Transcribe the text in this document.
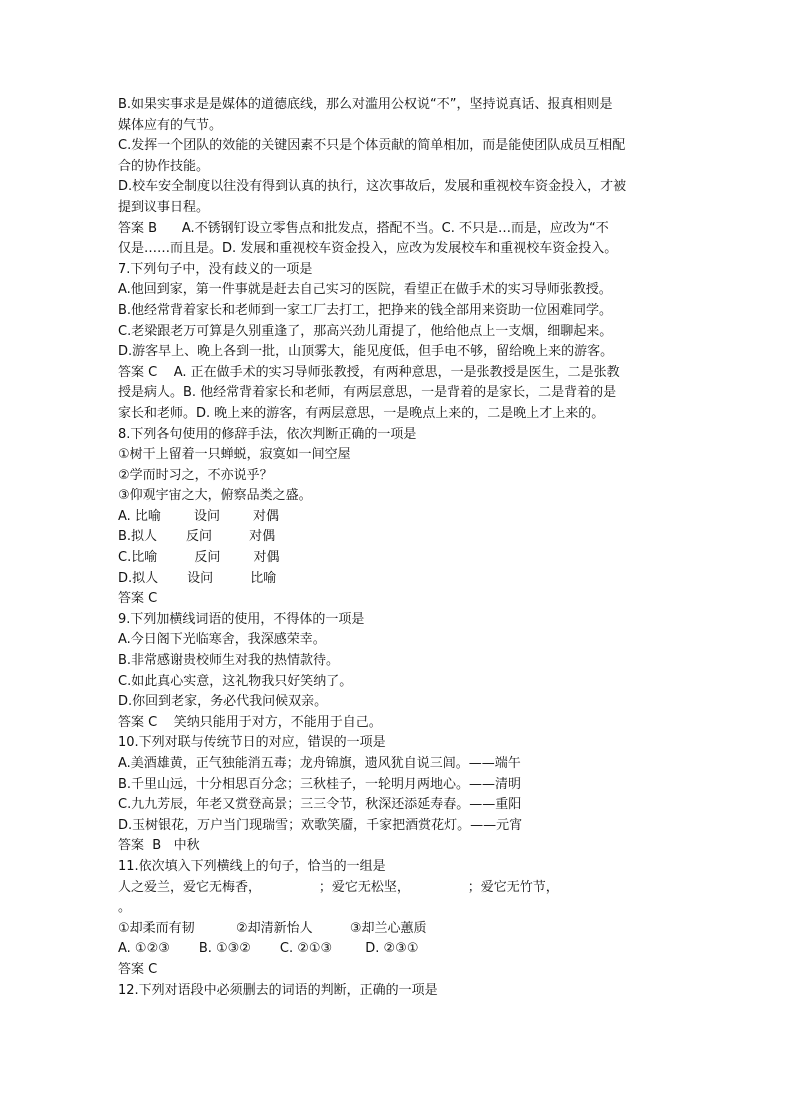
B.如果实事求是是媒体的道德底线，那么对滥用公权说“不”，坚持说真话、报真相则是
媒体应有的气节。
C.发挥一个团队的效能的关键因素不只是个体贡献的简单相加，而是能使团队成员互相配
合的协作技能。
D.校车安全制度以往没有得到认真的执行，这次事故后，发展和重视校车资金投入，才被
提到议事日程。
答案 B      A.不锈钢钉设立零售点和批发点，搭配不当。C. 不只是…而是，应改为“不
仅是……而且是。D. 发展和重视校车资金投入，应改为发展校车和重视校车资金投入。
7.下列句子中，没有歧义的一项是
A.他回到家，第一件事就是赶去自己实习的医院，看望正在做手术的实习导师张教授。
B.他经常背着家长和老师到一家工厂去打工，把挣来的钱全部用来资助一位困难同学。
C.老梁跟老万可算是久别重逢了，那高兴劲儿甭提了，他给他点上一支烟，细聊起来。
D.游客早上、晚上各到一批，山顶雾大，能见度低，但手电不够，留给晚上来的游客。
答案 C    A. 正在做手术的实习导师张教授，有两种意思，一是张教授是医生，二是张教
授是病人。B. 他经常背着家长和老师，有两层意思，一是背着的是家长，二是背着的是
家长和老师。D. 晚上来的游客，有两层意思，一是晚点上来的，二是晚上才上来的。
8.下列各句使用的修辞手法，依次判断正确的一项是
①树干上留着一只蝉蜕，寂寞如一间空屋
②学而时习之，不亦说乎？
③仰观宇宙之大，俯察品类之盛。
A. 比喻        设问        对偶
B.拟人       反问         对偶
C.比喻         反问        对偶
D.拟人       设问         比喻
答案 C
9.下列加横线词语的使用，不得体的一项是
A.今日阁下光临寒舍，我深感荣幸。
B.非常感谢贵校师生对我的热情款待。
C.如此真心实意，这礼物我只好笑纳了。
D.你回到老家，务必代我问候双亲。
答案 C    笑纳只能用于对方，不能用于自己。
10.下列对联与传统节日的对应，错误的一项是
A.美酒雄黄，正气独能消五毒；龙舟锦旗，遗风犹自说三闾。——端午
B.千里山远，十分相思百分念；三秋桂子，一轮明月两地心。——清明
C.九九芳辰，年老又赏登高景；三三令节，秋深还添延寿春。——重阳
D.玉树银花，万户当门现瑞雪；欢歌笑靥，千家把酒赏花灯。——元宵
答案  B   中秋
11.依次填入下列横线上的句子，恰当的一组是
人之爱兰，爱它无梅香，              ；爱它无松坚，              ；爱它无竹节，
。
①却柔而有韧          ②却清新怡人         ③却兰心蕙质
A. ①②③       B. ①③②       C. ②①③        D. ②③①
答案 C
12.下列对语段中必须删去的词语的判断，正确的一项是
